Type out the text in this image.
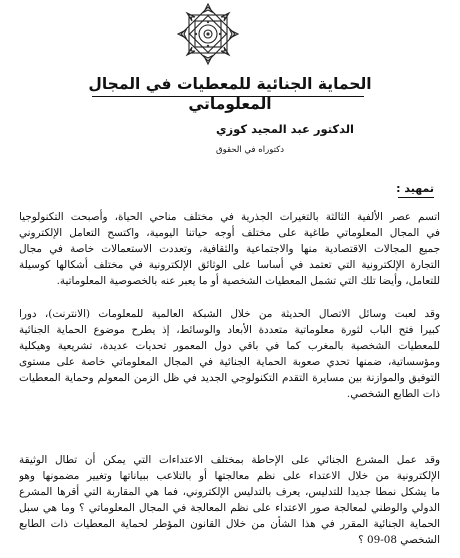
الحماية الجنائية للمعطيات في المجال المعلوماتي

الدكتور عبد المجيد كوزي

دكتوراه في الحقوق

تمهيد :

اتسم عصر الألفية الثالثة بالتغيرات الجذرية في مختلف مناحي الحياة، وأصبحت التكنولوجيا
في المجال المعلوماتي طاغية على مختلف أوجه حياتنا اليومية، واكتسح التعامل الإلكتروني
جميع المجالات الاقتصادية منها والاجتماعية والثقافية، وتعددت الاستعمالات خاصة في مجال
التجارة الإلكترونية التي تعتمد في أساسا على الوثائق الإلكترونية في مختلف أشكالها كوسيلة
للتعامل، وأيضا تلك التي تشمل المعطيات الشخصية أو ما يعبر عنه بالخصوصية المعلوماتية.
وقد لعبت وسائل الاتصال الحديثة من خلال الشبكة العالمية للمعلومات (الانترنت)، دورا
كبيرا فتح الباب لثورة معلوماتية متعددة الأبعاد والوسائط، إذ يطرح موضوع الحماية الجنائية
للمعطيات الشخصية بالمغرب كما في باقي دول المعمور تحديات عديدة، تشريعية وهيكلية
ومؤسساتية، ضمنها تحدي صعوبة الحماية الجنائية في المجال المعلوماتي خاصة على مستوى
التوفيق والموازنة بين مسايرة التقدم التكنولوجي الجديد في ظل الزمن المعولم وحماية المعطيات
ذات الطابع الشخصي.
وقد عمل المشرع الجنائي على الإحاطة بمختلف الاعتداءات التي يمكن أن تطال الوثيقة
الإلكترونية من خلال الاعتداء على نظم معالجتها أو بالتلاعب ببياناتها وتغيير مضمونها وهو
ما يشكل نمطا جديدا للتدليس، يعرف بالتدليس الإلكتروني، فما هي المقاربة التي أقرها المشرع
الدولي والوطني لمعالجة صور الاعتداء على نظم المعالجة في المجال المعلوماتي ؟ وما هي سبل
الحماية الجنائية المقرر في هذا الشأن من خلال القانون المؤطر لحماية المعطيات ذات الطابع
الشخصي 08-09 ؟
